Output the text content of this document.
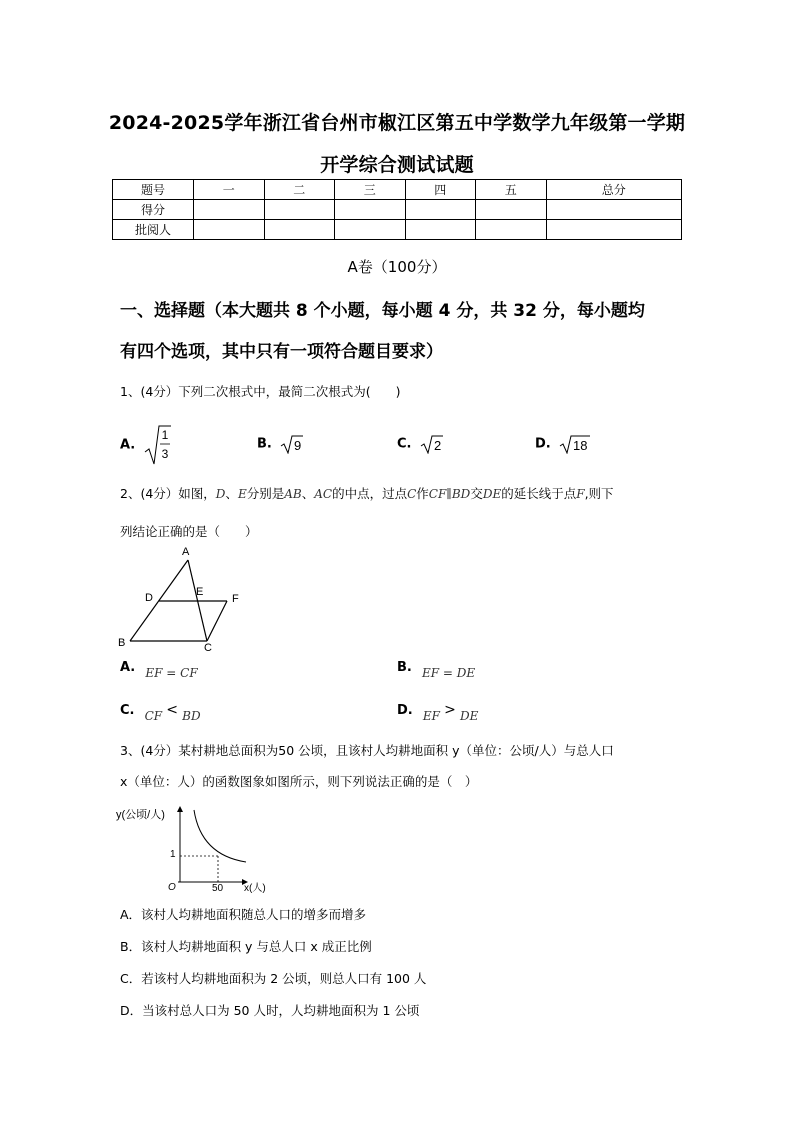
2024-2025学年浙江省台州市椒江区第五中学数学九年级第一学期
开学综合测试试题
题号	一	二	三	四	五	总分
得分						
批阅人						
A卷（100分）
一、选择题（本大题共 8 个小题，每小题 4 分，共 32 分，每小题均
有四个选项，其中只有一项符合题目要求）
1、(4分）下列二次根式中，最简二次根式为(　　)
A.
1
3
B. 9	C. 2	D. 18
2、(4分）如图，D、E分别是AB、AC的中点，过点C作CF∥BD交DE的延长线于点F,则下
列结论正确的是（　　）
A
D	E
F
B	C
A. EF = CF	B. EF = DE
C. CF < BD	D. EF > DE
3、(4分）某村耕地总面积为50 公顷，且该村人均耕地面积 y（单位：公顷/人）与总人口
x（单位：人）的函数图象如图所示，则下列说法正确的是（　）
y(公顷/人)
1
O	50 x(人)
A．该村人均耕地面积随总人口的增多而增多
B．该村人均耕地面积 y 与总人口 x 成正比例
C．若该村人均耕地面积为 2 公顷，则总人口有 100 人
D．当该村总人口为 50 人时，人均耕地面积为 1 公顷
